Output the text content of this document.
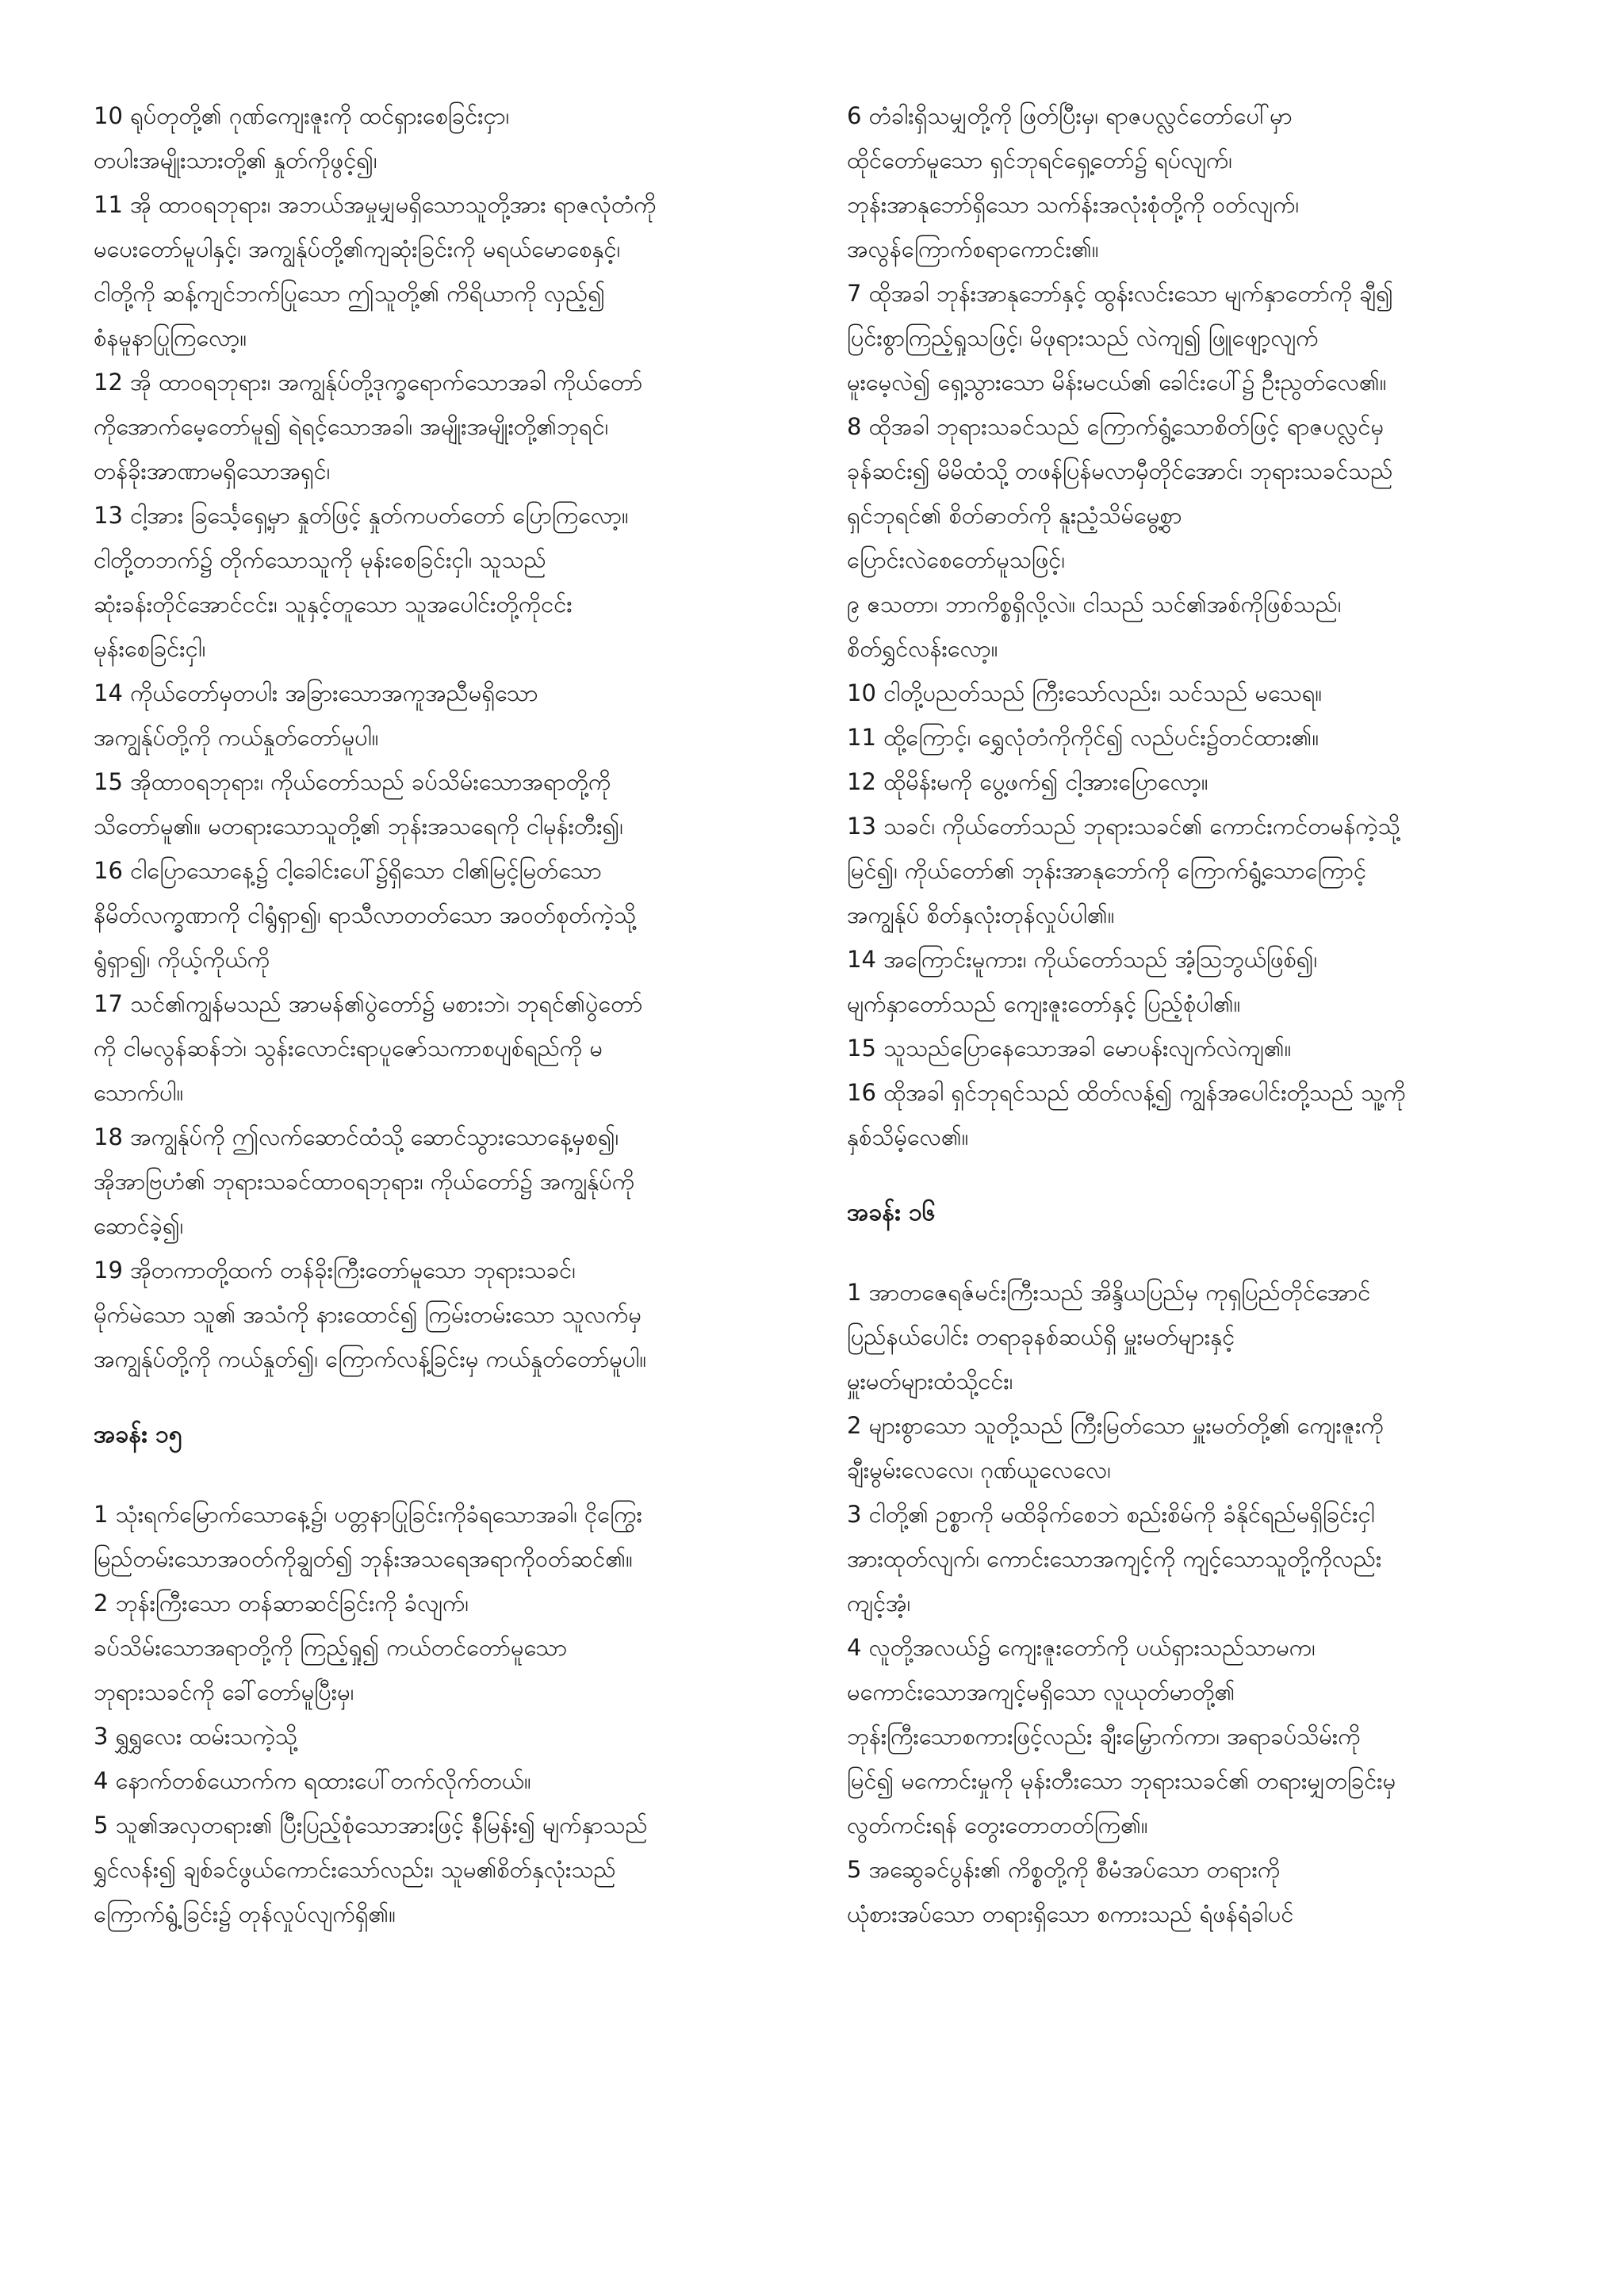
10 ရုပ်တုတို့၏ ဂုဏ်ကျေးဇူးကို ထင်ရှားစေခြင်းငှာ၊
တပါးအမျိုးသားတို့၏ နှုတ်ကိုဖွင့်၍၊
11 အို ထာဝရဘုရား၊ အဘယ်အမှုမျှမရှိသောသူတို့အား ရာဇလုံတံကို
မပေးတော်မူပါနှင့်၊ အကျွန်ုပ်တို့၏ကျဆုံးခြင်းကို မရယ်မောစေနှင့်၊
ငါတို့ကို ဆန့်ကျင်ဘက်ပြုသော ဤသူတို့၏ ကိရိယာကို လှည့်၍
စံနမူနာပြုကြလော့။
12 အို ထာဝရဘုရား၊ အကျွန်ုပ်တို့ဒုက္ခရောက်သောအခါ ကိုယ်တော်
ကိုအောက်မေ့တော်မူ၍ ရဲရင့်သောအခါ၊ အမျိုးအမျိုးတို့၏ဘုရင်၊
တန်ခိုးအာဏာမရှိသောအရှင်၊
13 ငါ့အား ခြင်္သေ့ရှေ့မှာ နှုတ်ဖြင့် နှုတ်ကပတ်တော် ပြောကြလော့။
ငါတို့တဘက်၌ တိုက်သောသူကို မုန်းစေခြင်းငှါ၊ သူသည်
ဆုံးခန်းတိုင်အောင်ငင်း၊ သူနှင့်တူသော သူအပေါင်းတို့ကိုငင်း
မုန်းစေခြင်းငှါ၊
14 ကိုယ်တော်မှတပါး အခြားသောအကူအညီမရှိသော
အကျွန်ုပ်တို့ကို ကယ်နှုတ်တော်မူပါ။
15 အိုထာဝရဘုရား၊ ကိုယ်တော်သည် ခပ်သိမ်းသောအရာတို့ကို
သိတော်မူ၏။ မတရားသောသူတို့၏ ဘုန်းအသရေကို ငါမုန်းတီး၍၊
16 ငါပြောသောနေ့၌ ငါ့ခေါင်းပေါ်၌ရှိသော ငါ၏မြင့်မြတ်သော
နိမိတ်လက္ခဏာကို ငါရွံရှာ၍၊ ရာသီလာတတ်သော အဝတ်စုတ်ကဲ့သို့
ရွံရှာ၍၊ ကိုယ့်ကိုယ်ကို
17 သင်၏ကျွန်မသည် အာမန်၏ပွဲတော်၌ မစားဘဲ၊ ဘုရင်၏ပွဲတော်
ကို ငါမလွန်ဆန်ဘဲ၊ သွန်းလောင်းရာပူဇော်သကာစပျစ်ရည်ကို မ
သောက်ပါ။
18 အကျွန်ုပ်ကို ဤလက်ဆောင်ထံသို့ ဆောင်သွားသောနေ့မှစ၍၊
အိုအာဗြဟံ၏ ဘုရားသခင်ထာဝရဘုရား၊ ကိုယ်တော်၌ အကျွန်ုပ်ကို
ဆောင်ခဲ့၍၊
19 အိုတကာတို့ထက် တန်ခိုးကြီးတော်မူသော ဘုရားသခင်၊
မိုက်မဲသော သူ၏ အသံကို နားထောင်၍ ကြမ်းတမ်းသော သူလက်မှ
အကျွန်ုပ်တို့ကို ကယ်နှုတ်၍၊ ကြောက်လန့်ခြင်းမှ ကယ်နှုတ်တော်မူပါ။
အခန်း ၁၅
1 သုံးရက်မြောက်သောနေ့၌၊ ပတ္တနာပြုခြင်းကိုခံရသောအခါ၊ ငိုကြွေး
မြည်တမ်းသောအဝတ်ကိုချွတ်၍ ဘုန်းအသရေအရာကိုဝတ်ဆင်၏။
2 ဘုန်းကြီးသော တန်ဆာဆင်ခြင်းကို ခံလျက်၊
ခပ်သိမ်းသောအရာတို့ကို ကြည့်ရှု၍ ကယ်တင်တော်မူသော
ဘုရားသခင်ကို ခေါ်တော်မူပြီးမှ၊
3 ရွှရွှလေး ထမ်းသကဲ့သို့
4 နောက်တစ်ယောက်က ရထားပေါ်တက်လိုက်တယ်။
5 သူ၏အလှတရား၏ ပြီးပြည့်စုံသောအားဖြင့် နီမြန်း၍ မျက်နှာသည်
ရွှင်လန်း၍ ချစ်ခင်ဖွယ်ကောင်းသော်လည်း၊ သူမ၏စိတ်နှလုံးသည်
ကြောက်ရွံ့ခြင်း၌ တုန်လှုပ်လျက်ရှိ၏။
6 တံခါးရှိသမျှတို့ကို ဖြတ်ပြီးမှ၊ ရာဇပလ္လင်တော်ပေါ်မှာ
ထိုင်တော်မူသော ရှင်ဘုရင်ရှေ့တော်၌ ရပ်လျက်၊
ဘုန်းအာနုဘော်ရှိသော သက်န်းအလုံးစုံတို့ကို ဝတ်လျက်၊
အလွန်ကြောက်စရာကောင်း၏။
7 ထိုအခါ ဘုန်းအာနုဘော်နှင့် ထွန်းလင်းသော မျက်နှာတော်ကို ချီ၍
ပြင်းစွာကြည့်ရှုသဖြင့်၊ မိဖုရားသည် လဲကျ၍ ဖြူဖျော့လျက်
မူးမေ့လဲ၍ ရှေ့သွားသော မိန်းမငယ်၏ ခေါင်းပေါ်၌ ဦးညွတ်လေ၏။
8 ထိုအခါ ဘုရားသခင်သည် ကြောက်ရွံ့သောစိတ်ဖြင့် ရာဇပလ္လင်မှ
ခုန်ဆင်း၍ မိမိထံသို့ တဖန်ပြန်မလာမှီတိုင်အောင်၊ ဘုရားသခင်သည်
ရှင်ဘုရင်၏ စိတ်ဓာတ်ကို နူးညံ့သိမ်မွေ့စွာ
ပြောင်းလဲစေတော်မူသဖြင့်၊
၉ ဧသတာ၊ ဘာကိစ္စရှိလို့လဲ။ ငါသည် သင်၏အစ်ကိုဖြစ်သည်၊
စိတ်ရွှင်လန်းလော့။
10 ငါတို့ပညတ်သည် ကြီးသော်လည်း၊ သင်သည် မသေရ။
11 ထို့ကြောင့်၊ ရွှေလုံတံကိုကိုင်၍ လည်ပင်း၌တင်ထား၏။
12 ထိုမိန်းမကို ပွေ့ဖက်၍ ငါ့အားပြောလော့။
13 သခင်၊ ကိုယ်တော်သည် ဘုရားသခင်၏ ကောင်းကင်တမန်ကဲ့သို့
မြင်၍၊ ကိုယ်တော်၏ ဘုန်းအာနုဘော်ကို ကြောက်ရွံ့သောကြောင့်
အကျွန်ုပ် စိတ်နှလုံးတုန်လှုပ်ပါ၏။
14 အကြောင်းမူကား၊ ကိုယ်တော်သည် အံ့ဩဘွယ်ဖြစ်၍၊
မျက်နှာတော်သည် ကျေးဇူးတော်နှင့် ပြည့်စုံပါ၏။
15 သူသည်ပြောနေသောအခါ မောပန်းလျက်လဲကျ၏။
16 ထိုအခါ ရှင်ဘုရင်သည် ထိတ်လန့်၍ ကျွန်အပေါင်းတို့သည် သူ့ကို
နှစ်သိမ့်လေ၏။
အခန်း ၁၆
1 အာတဇေရဇ်မင်းကြီးသည် အိန္ဒိယပြည်မှ ကုရှပြည်တိုင်အောင်
ပြည်နယ်ပေါင်း တရာခုနစ်ဆယ်ရှိ မှူးမတ်များနှင့်
မှူးမတ်များထံသို့ငင်း၊
2 များစွာသော သူတို့သည် ကြီးမြတ်သော မှူးမတ်တို့၏ ကျေးဇူးကို
ချီးမွမ်းလေလေ၊ ဂုဏ်ယူလေလေ၊
3 ငါတို့၏ ဥစ္စာကို မထိခိုက်စေဘဲ စည်းစိမ်ကို ခံနိုင်ရည်မရှိခြင်းငှါ
အားထုတ်လျက်၊ ကောင်းသောအကျင့်ကို ကျင့်သောသူတို့ကိုလည်း
ကျင့်အံ့၊
4 လူတို့အလယ်၌ ကျေးဇူးတော်ကို ပယ်ရှားသည်သာမက၊
မကောင်းသောအကျင့်မရှိသော လူယုတ်မာတို့၏
ဘုန်းကြီးသောစကားဖြင့်လည်း ချီးမြှောက်ကာ၊ အရာခပ်သိမ်းကို
မြင်၍ မကောင်းမှုကို မုန်းတီးသော ဘုရားသခင်၏ တရားမျှတခြင်းမှ
လွတ်ကင်းရန် တွေးတောတတ်ကြ၏။
5 အဆွေခင်ပွန်း၏ ကိစ္စတို့ကို စီမံအပ်သော တရားကို
ယုံစားအပ်သော တရားရှိသော စကားသည် ရံဖန်ရံခါပင်
